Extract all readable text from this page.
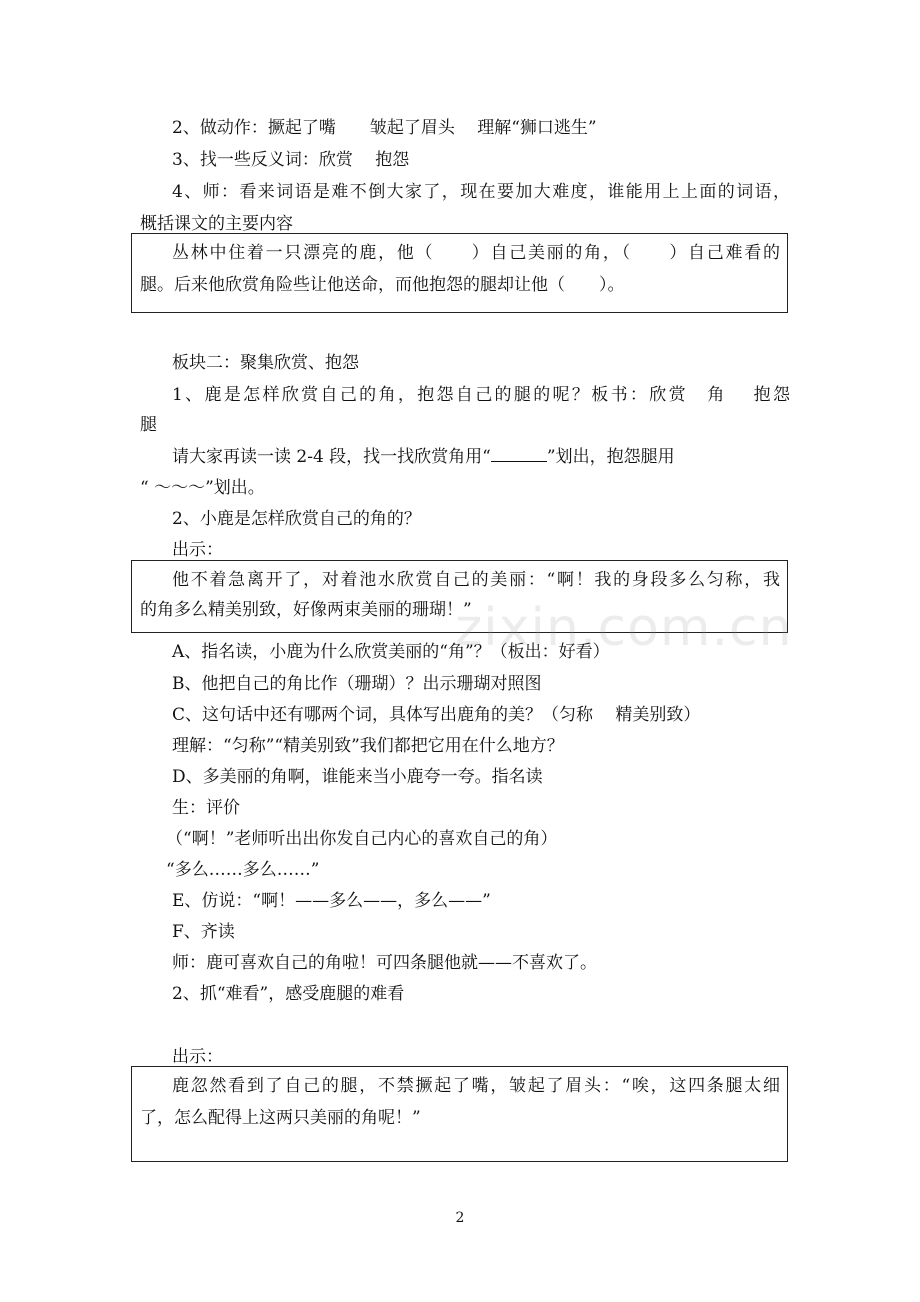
2、做动作：撅起了嘴　　皱起了眉头　 理解“狮口逃生”
3、找一些反义词：欣赏　 抱怨
4、师：看来词语是难不倒大家了，现在要加大难度，谁能用上上面的词语，
概括课文的主要内容
丛林中住着一只漂亮的鹿，他（　　）自己美丽的角，（　　）自己难看的
腿。后来他欣赏角险些让他送命，而他抱怨的腿却让他（　　）。
板块二：聚集欣赏、抱怨
1、鹿是怎样欣赏自己的角，抱怨自己的腿的呢？板书：欣赏　角　 抱怨
腿
请大家再读一读 2-4 段，找一找欣赏角用“	”划出，抱怨腿用
“ ～～～”划出。
2、小鹿是怎样欣赏自己的角的？
出示：
他不着急离开了，对着池水欣赏自己的美丽：“啊！我的身段多么匀称，我
的角多么精美别致，好像两束美丽的珊瑚！”
A、指名读，小鹿为什么欣赏美丽的“角”？（板出：好看）
B、他把自己的角比作（珊瑚）？出示珊瑚对照图
C、这句话中还有哪两个词，具体写出鹿角的美？（匀称　 精美别致）
理解：“匀称”“精美别致”我们都把它用在什么地方？
D、多美丽的角啊，谁能来当小鹿夸一夸。指名读
生：评价
（“啊！”老师听出出你发自己内心的喜欢自己的角）
“多么……多么……”
E、仿说：“啊！——多么——，多么——”
F、齐读
师：鹿可喜欢自己的角啦！可四条腿他就——不喜欢了。
2、抓“难看”，感受鹿腿的难看
出示：
鹿忽然看到了自己的腿，不禁撅起了嘴，皱起了眉头：“唉，这四条腿太细
了，怎么配得上这两只美丽的角呢！”
zixin.com.cn
2
